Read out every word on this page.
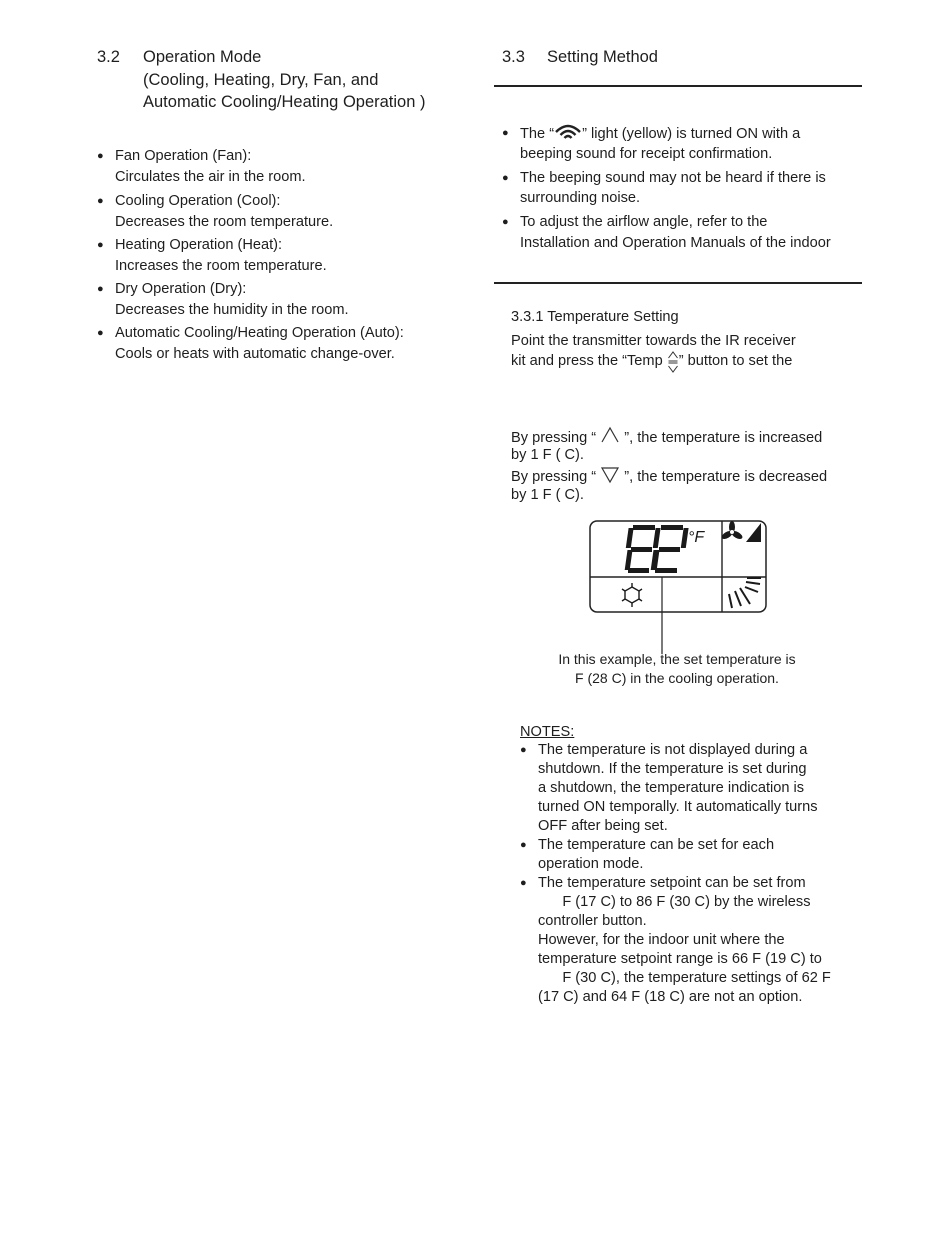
3.2 Operation Mode
(Cooling, Heating, Dry, Fan, and
Automatic Cooling/Heating Operation )
● Fan Operation (Fan):
Circulates the air in the room.
● Cooling Operation (Cool):
Decreases the room temperature.
● Heating Operation (Heat):
Increases the room temperature.
● Dry Operation (Dry):
Decreases the humidity in the room.
● Automatic Cooling/Heating Operation (Auto):
Cools or heats with automatic change-over.
3.3 Setting Method
● The “ ” light (yellow) is turned ON with a
beeping sound for receipt confirmation.
● The beeping sound may not be heard if there is
surrounding noise.
● To adjust the airflow angle, refer to the
Installation and Operation Manuals of the indoor
3.3.1 Temperature Setting
Point the transmitter towards the IR receiver
kit and press the “Temp ” button to set the
By pressing “  ”, the temperature is increased
by 1 F ( C).
By pressing “  ”, the temperature is decreased
by 1 F ( C).
°F
In this example, the set temperature is
F (28 C) in the cooling operation.
NOTES:
● The temperature is not displayed during a
shutdown. If the temperature is set during
a shutdown, the temperature indication is
turned ON temporally. It automatically turns
OFF after being set.
● The temperature can be set for each
operation mode.
● The temperature setpoint can be set from
F (17 C) to 86 F (30 C) by the wireless
controller button.
However, for the indoor unit where the
temperature setpoint range is 66 F (19 C) to
F (30 C), the temperature settings of 62 F
(17 C) and 64 F (18 C) are not an option.
